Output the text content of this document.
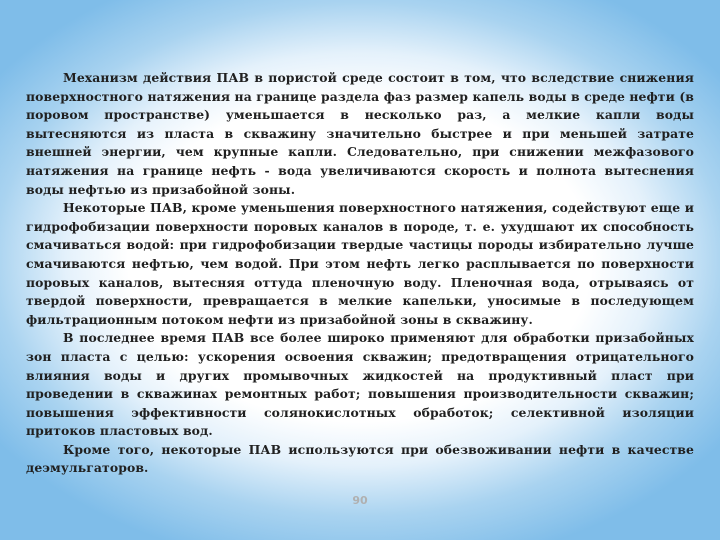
Механизм действия ПАВ в пористой среде состоит в том, что вследствие снижения поверхностного натяжения на границе раздела фаз размер капель воды в среде нефти (в поровом пространстве) уменьшается в несколько раз, а мелкие капли воды вытесняются из пласта в скважину значительно быстрее и при меньшей затрате внешней энергии, чем крупные капли. Следовательно, при снижении межфазового натяжения на границе нефть - вода увеличиваются скорость и полнота вытеснения воды нефтью из призабойной зоны.

Некоторые ПАВ, кроме уменьшения поверхностного натяжения, содействуют еще и гидрофобизации поверхности поровых каналов в породе, т. е. ухудшают их способность смачиваться водой: при гидрофобизации твердые частицы породы избирательно лучше смачиваются нефтью, чем водой. При этом нефть легко расплывается по поверхности поровых каналов, вытесняя оттуда пленочную воду. Пленочная вода, отрываясь от твердой поверхности, превращается в мелкие капельки, уносимые в последующем фильтрационным потоком нефти из призабойной зоны в скважину.

В последнее время ПАВ все более широко применяют для обработки призабойных зон пласта с целью: ускорения освоения скважин; предотвращения отрицательного влияния воды и других промывочных жидкостей на продуктивный пласт при проведении в скважинах ремонтных работ; повышения производительности скважин; повышения эффективности солянокислотных обработок; селективной изоляции притоков пластовых вод.

Кроме того, некоторые ПАВ используются при обезвоживании нефти в качестве деэмульгаторов.

90
